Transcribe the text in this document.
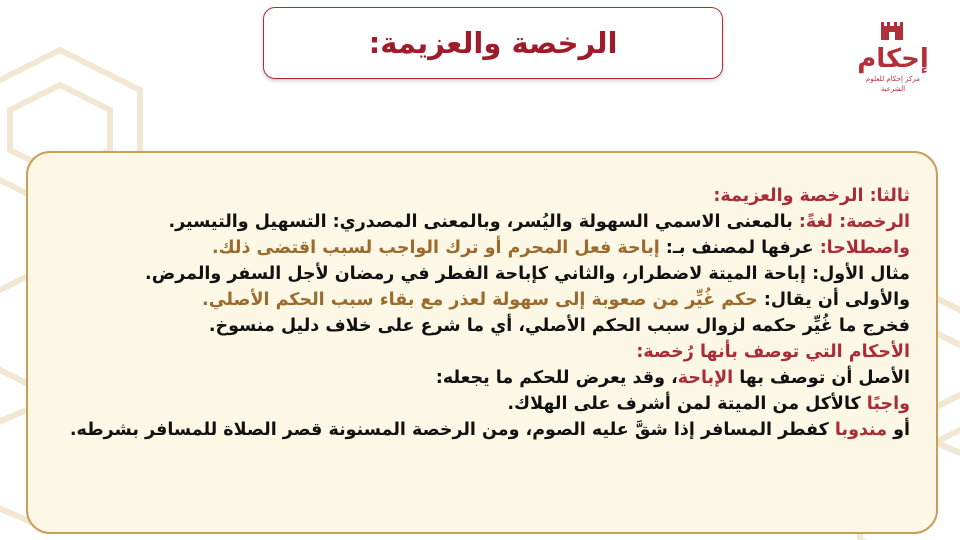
الرخصة والعزيمة:	إحكام
مركز إحكام للعلوم الشرعية
ثالثا: الرخصة والعزيمة:
الرخصة: لغةً: بالمعنى الاسمي السهولة واليُسر، وبالمعنى المصدري: التسهيل والتيسير.
واصطلاحا: عرفها لمصنف بـ: إباحة فعل المحرم أو ترك الواجب لسبب اقتضى ذلك.
مثال الأول: إباحة الميتة لاضطرار، والثاني كإباحة الفطر في رمضان لأجل السفر والمرض.
والأولى أن يقال: حكم غُيِّر من صعوبة إلى سهولة لعذر مع بقاء سبب الحكم الأصلي.
فخرج ما غُيِّر حكمه لزوال سبب الحكم الأصلي، أي ما شرع على خلاف دليل منسوخ.
الأحكام التي توصف بأنها رُخصة:
الأصل أن توصف بها الإباحة، وقد يعرض للحكم ما يجعله:
واجبًا كالأكل من الميتة لمن أشرف على الهلاك.
أو مندوبا كفطر المسافر إذا شقَّ عليه الصوم، ومن الرخصة المسنونة قصر الصلاة للمسافر بشرطه.
